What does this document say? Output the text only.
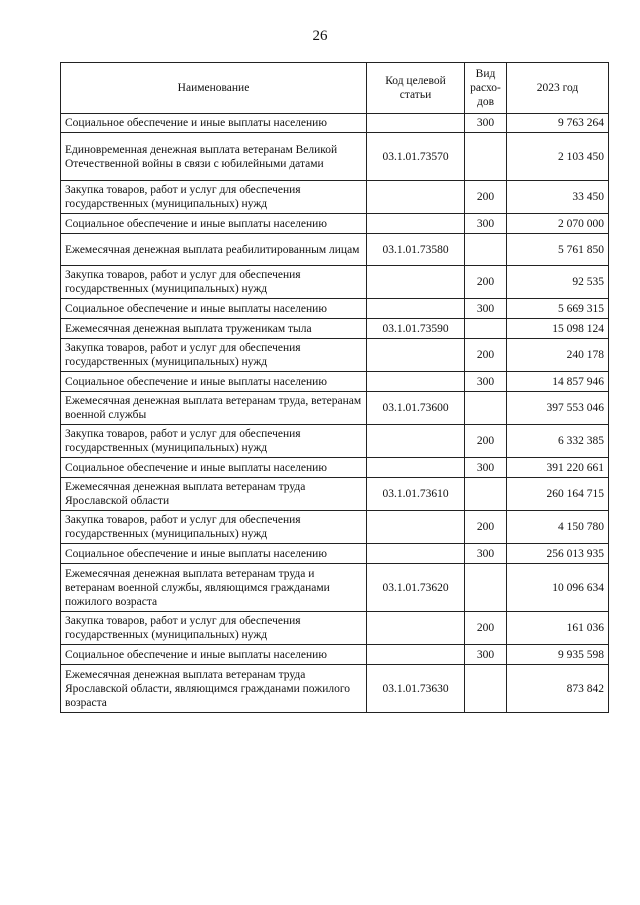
26
Наименование	Код целевой статьи	Вид расхо-дов	2023 год
Социальное обеспечение и иные выплаты населению		300	9 763 264
Единовременная денежная выплата ветеранам Великой Отечественной войны в связи с юбилейными датами	03.1.01.73570		2 103 450
Закупка товаров, работ и услуг для обеспечения государственных (муниципальных) нужд		200	33 450
Социальное обеспечение и иные выплаты населению		300	2 070 000
Ежемесячная денежная выплата реабилитированным лицам	03.1.01.73580		5 761 850
Закупка товаров, работ и услуг для обеспечения государственных (муниципальных) нужд		200	92 535
Социальное обеспечение и иные выплаты населению		300	5 669 315
Ежемесячная денежная выплата труженикам тыла	03.1.01.73590		15 098 124
Закупка товаров, работ и услуг для обеспечения государственных (муниципальных) нужд		200	240 178
Социальное обеспечение и иные выплаты населению		300	14 857 946
Ежемесячная денежная выплата ветеранам труда, ветеранам военной службы	03.1.01.73600		397 553 046
Закупка товаров, работ и услуг для обеспечения государственных (муниципальных) нужд		200	6 332 385
Социальное обеспечение и иные выплаты населению		300	391 220 661
Ежемесячная денежная выплата ветеранам труда Ярославской области	03.1.01.73610		260 164 715
Закупка товаров, работ и услуг для обеспечения государственных (муниципальных) нужд		200	4 150 780
Социальное обеспечение и иные выплаты населению		300	256 013 935
Ежемесячная денежная выплата ветеранам труда и ветеранам военной службы, являющимся гражданами пожилого возраста	03.1.01.73620		10 096 634
Закупка товаров, работ и услуг для обеспечения государственных (муниципальных) нужд		200	161 036
Социальное обеспечение и иные выплаты населению		300	9 935 598
Ежемесячная денежная выплата ветеранам труда Ярославской области, являющимся гражданами пожилого возраста	03.1.01.73630		873 842
